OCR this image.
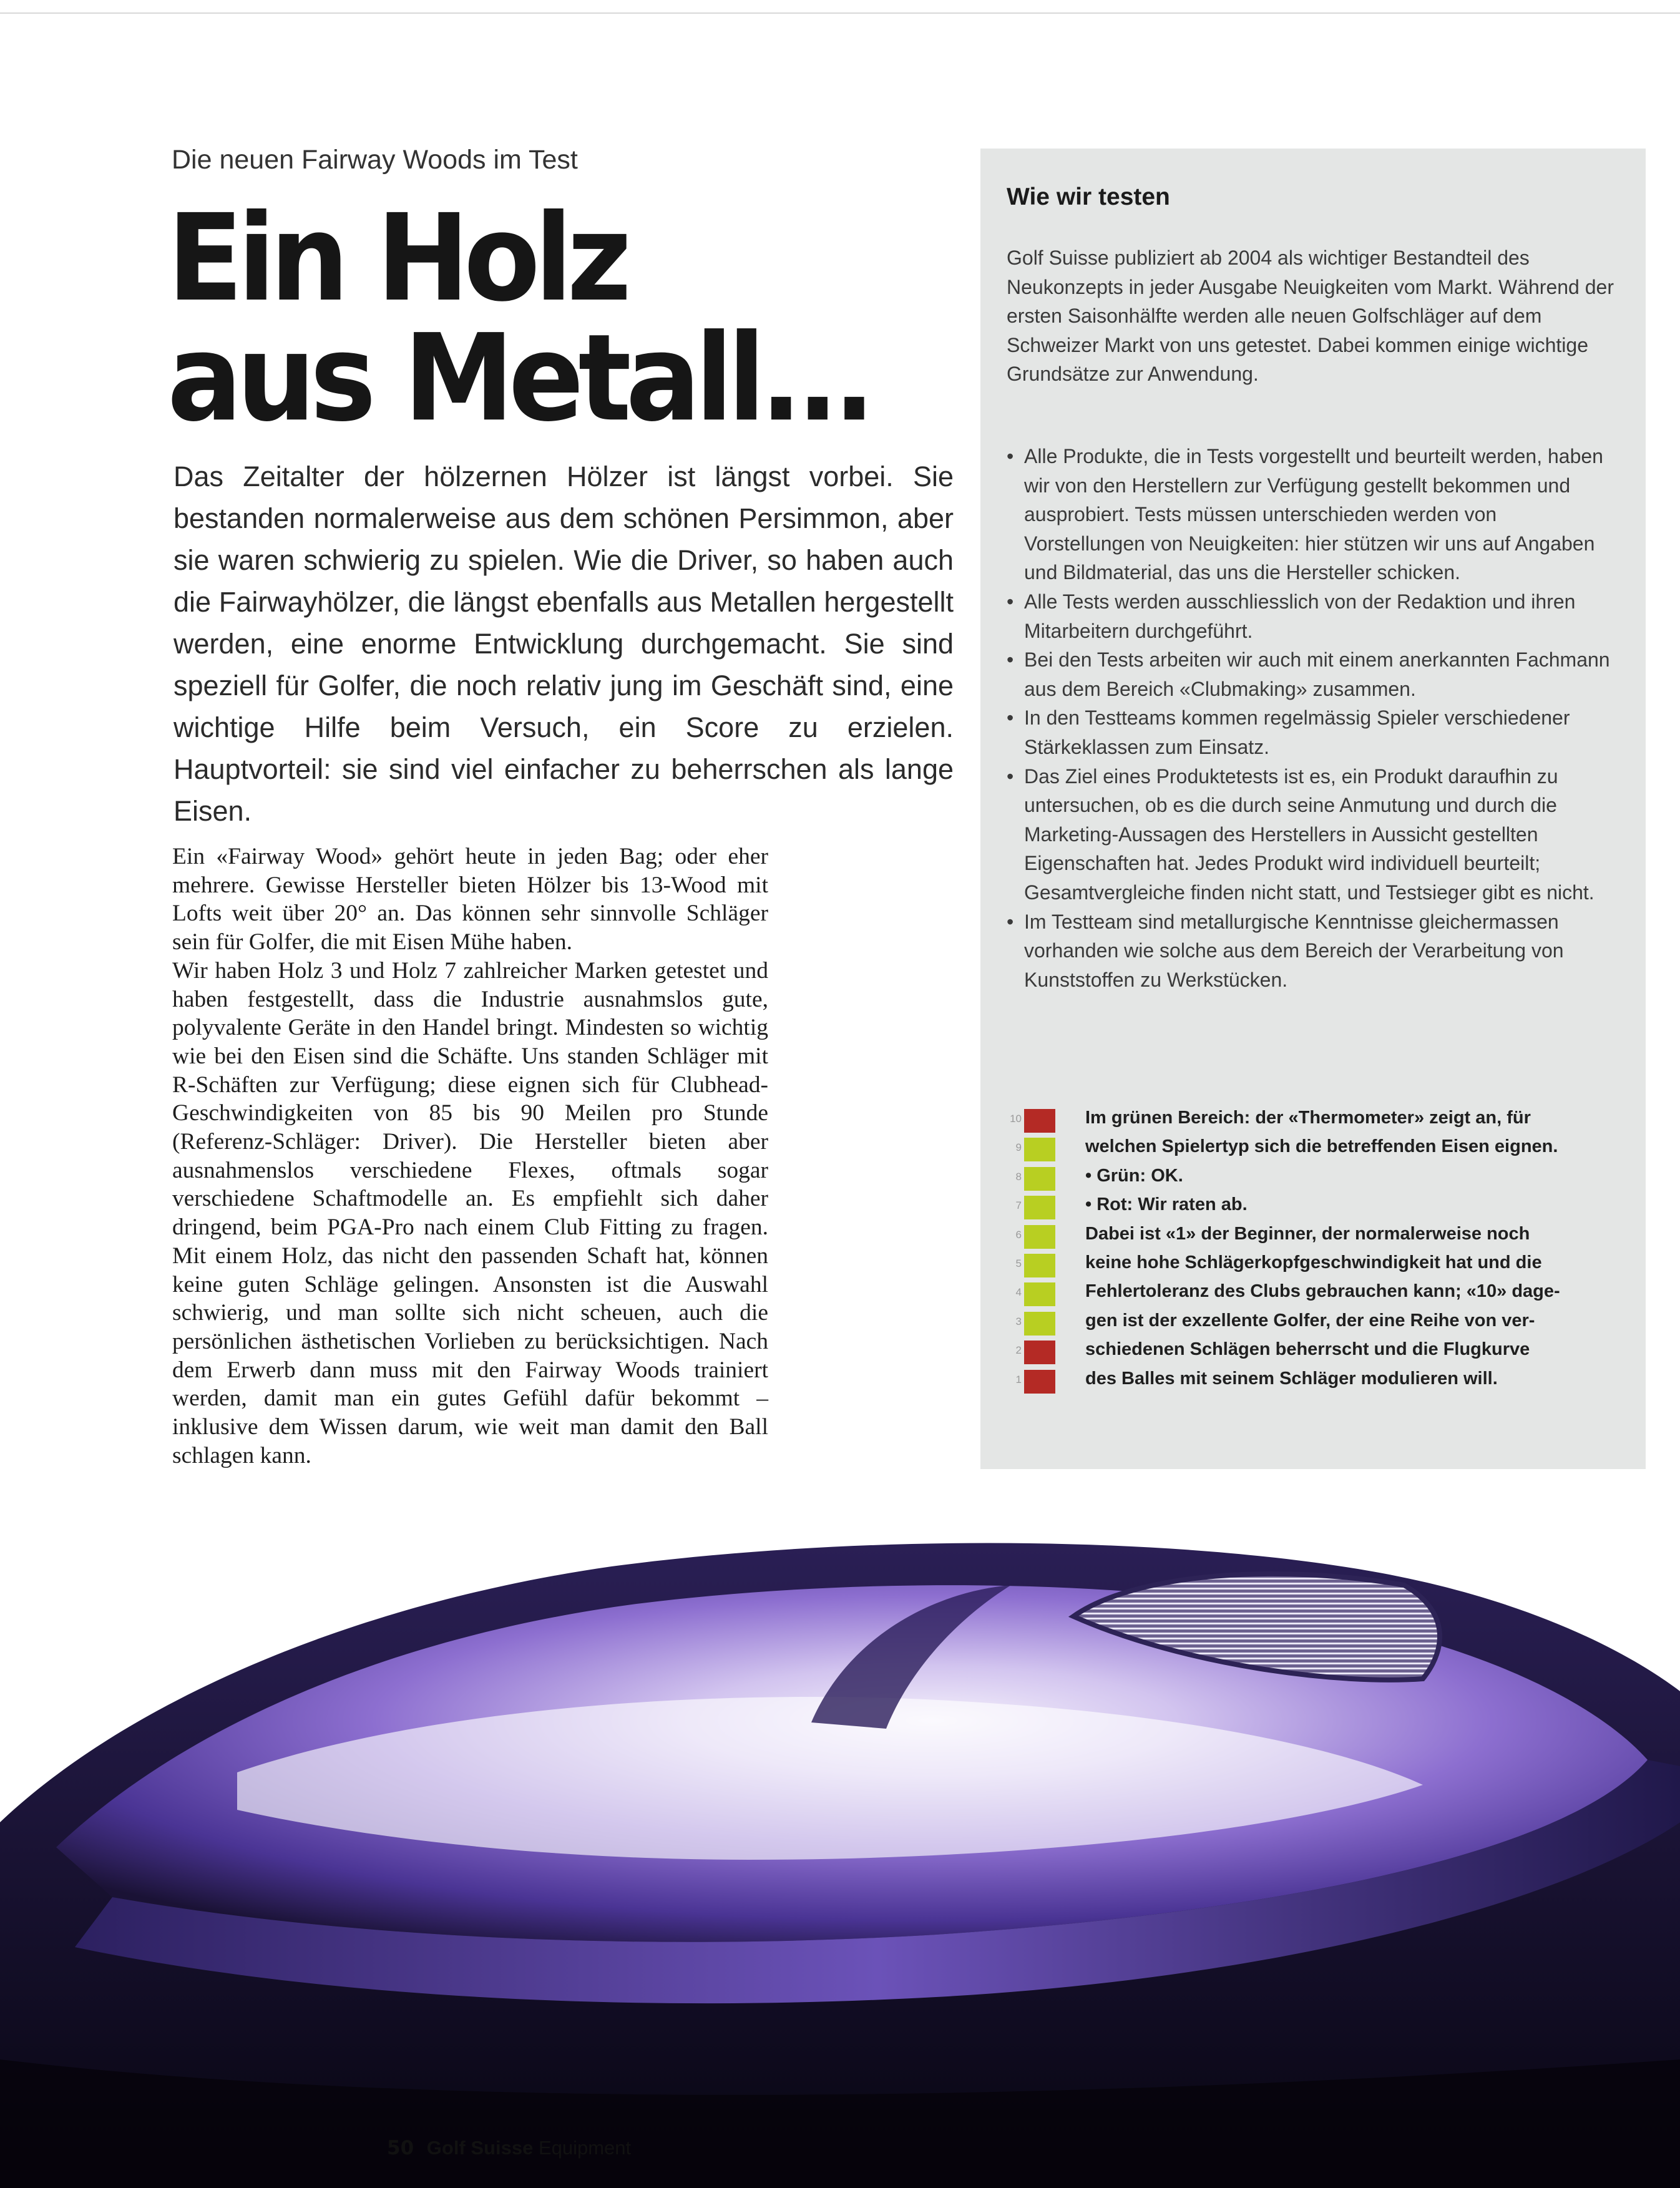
Die neuen Fairway Woods im Test
Ein Holz
aus Metall...
Das Zeitalter der hölzernen Hölzer ist längst vorbei. Sie bestanden normalerweise aus dem schönen Persimmon, aber sie waren schwierig zu spielen. Wie die Driver, so haben auch die Fairwayhölzer, die längst ebenfalls aus Metallen hergestellt werden, eine enorme Entwicklung durchgemacht. Sie sind speziell für Golfer, die noch relativ jung im Geschäft sind, eine wichtige Hilfe beim Versuch, ein Score zu erzielen. Hauptvorteil: sie sind viel einfacher zu beherrschen als lange Eisen.

Ein «Fairway Wood» gehört heute in jeden Bag; oder eher mehrere. Gewisse Hersteller bieten Hölzer bis 13-Wood mit Lofts weit über 20° an. Das können sehr sinnvolle Schläger sein für Golfer, die mit Eisen Mühe haben.

Wir haben Holz 3 und Holz 7 zahlreicher Marken getestet und haben festgestellt, dass die Industrie ausnahmslos gute, polyvalente Geräte in den Handel bringt. Mindesten so wichtig wie bei den Eisen sind die Schäfte. Uns standen Schläger mit R-Schäften zur Verfügung; diese eignen sich für Clubhead-Geschwindigkeiten von 85 bis 90 Meilen pro Stunde (Referenz-Schläger: Driver). Die Hersteller bieten aber ausnahmenslos verschiedene Flexes, oftmals sogar verschiedene Schaftmodelle an. Es empfiehlt sich daher dringend, beim PGA-Pro nach einem Club Fitting zu fragen. Mit einem Holz, das nicht den passenden Schaft hat, können keine guten Schläge gelingen. Ansonsten ist die Auswahl schwierig, und man sollte sich nicht scheuen, auch die persönlichen ästhetischen Vorlieben zu berücksichtigen. Nach dem Erwerb dann muss mit den Fairway Woods trainiert werden, damit man ein gutes Gefühl dafür bekommt – inklusive dem Wissen darum, wie weit man damit den Ball schlagen kann.

Wie wir testen
Golf Suisse publiziert ab 2004 als wichtiger Bestandteil des Neukonzepts in jeder Ausgabe Neuigkeiten vom Markt. Während der ersten Saisonhälfte werden alle neuen Golfschläger auf dem Schweizer Markt von uns getestet. Dabei kommen einige wichtige Grundsätze zur Anwendung.
• Alle Produkte, die in Tests vorgestellt und beurteilt werden, haben wir von den Herstellern zur Verfügung gestellt bekommen und ausprobiert. Tests müssen unterschieden werden von Vorstellungen von Neuigkeiten: hier stützen wir uns auf Angaben und Bildmaterial, das uns die Hersteller schicken.
• Alle Tests werden ausschliesslich von der Redaktion und ihren Mitarbeitern durchgeführt.
• Bei den Tests arbeiten wir auch mit einem anerkannten Fachmann aus dem Bereich «Clubmaking» zusammen.
• In den Testteams kommen regelmässig Spieler verschiedener Stärkeklassen zum Einsatz.
• Das Ziel eines Produktetests ist es, ein Produkt daraufhin zu untersuchen, ob es die durch seine Anmutung und durch die Marketing-Aussagen des Herstellers in Aussicht gestellten Eigenschaften hat. Jedes Produkt wird individuell beurteilt; Gesamtvergleiche finden nicht statt, und Testsieger gibt es nicht.
• Im Testteam sind metallurgische Kenntnisse gleichermassen vorhanden wie solche aus dem Bereich der Verarbeitung von Kunststoffen zu Werkstücken.
10
9
8
7
6
5
4
3
2
1
Im grünen Bereich: der «Thermometer» zeigt an, für
welchen Spielertyp sich die betreffenden Eisen eignen.
• Grün: OK.
• Rot: Wir raten ab.
Dabei ist «1» der Beginner, der normalerweise noch
keine hohe Schlägerkopfgeschwindigkeit hat und die
Fehlertoleranz des Clubs gebrauchen kann; «10» dage-
gen ist der exzellente Golfer, der eine Reihe von ver-
schiedenen Schlägen beherrscht und die Flugkurve
des Balles mit seinem Schläger modulieren will.
50 Golf Suisse Equipment
